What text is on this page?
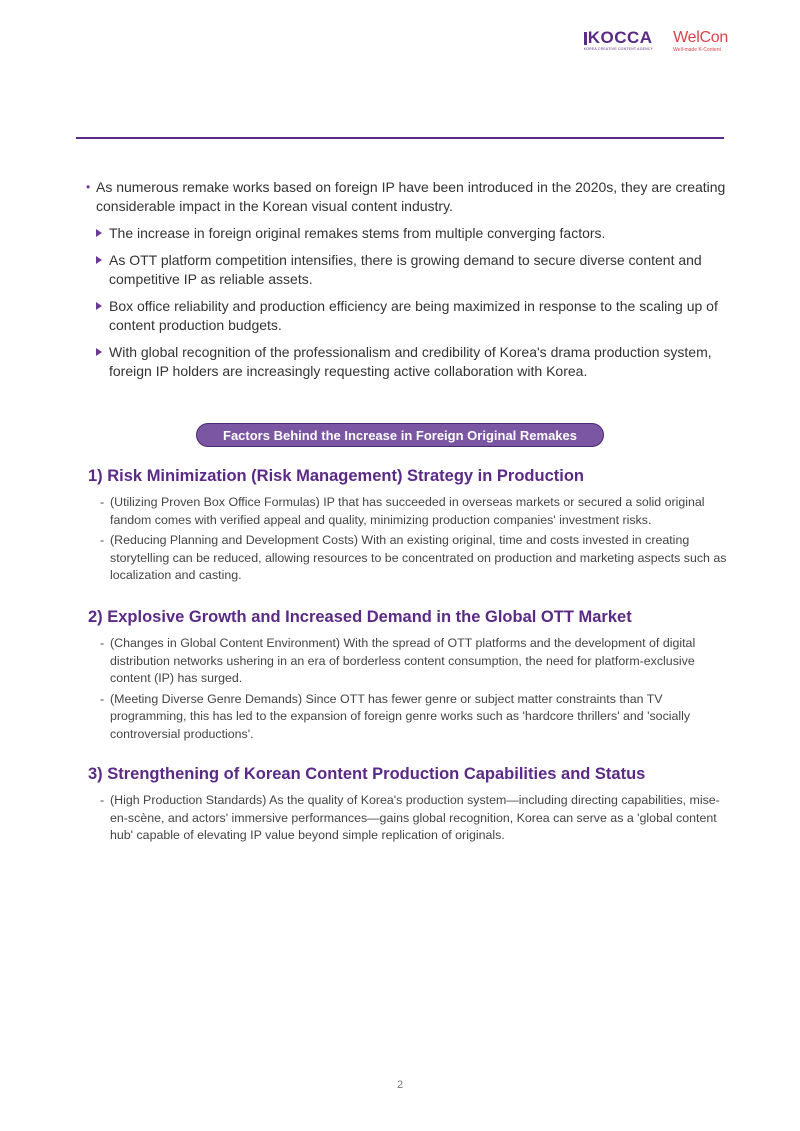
KOCCA
KOREA CREATIVE CONTENT AGENCY
WelCon
Well-made K-Content
• As numerous remake works based on foreign IP have been introduced in the 2020s, they are creating considerable impact in the Korean visual content industry.
The increase in foreign original remakes stems from multiple converging factors.
As OTT platform competition intensifies, there is growing demand to secure diverse content and competitive IP as reliable assets.
Box office reliability and production efficiency are being maximized in response to the scaling up of content production budgets.
With global recognition of the professionalism and credibility of Korea's drama production system, foreign IP holders are increasingly requesting active collaboration with Korea.
Factors Behind the Increase in Foreign Original Remakes
1) Risk Minimization (Risk Management) Strategy in Production
- (Utilizing Proven Box Office Formulas) IP that has succeeded in overseas markets or secured a solid original fandom comes with verified appeal and quality, minimizing production companies' investment risks.
- (Reducing Planning and Development Costs) With an existing original, time and costs invested in creating storytelling can be reduced, allowing resources to be concentrated on production and marketing aspects such as localization and casting.
2) Explosive Growth and Increased Demand in the Global OTT Market
- (Changes in Global Content Environment) With the spread of OTT platforms and the development of digital distribution networks ushering in an era of borderless content consumption, the need for platform-exclusive content (IP) has surged.
- (Meeting Diverse Genre Demands) Since OTT has fewer genre or subject matter constraints than TV programming, this has led to the expansion of foreign genre works such as 'hardcore thrillers' and 'socially controversial productions'.
3) Strengthening of Korean Content Production Capabilities and Status
- (High Production Standards) As the quality of Korea's production system—including directing capabilities, mise-en-scène, and actors' immersive performances—gains global recognition, Korea can serve as a 'global content hub' capable of elevating IP value beyond simple replication of originals.
2
